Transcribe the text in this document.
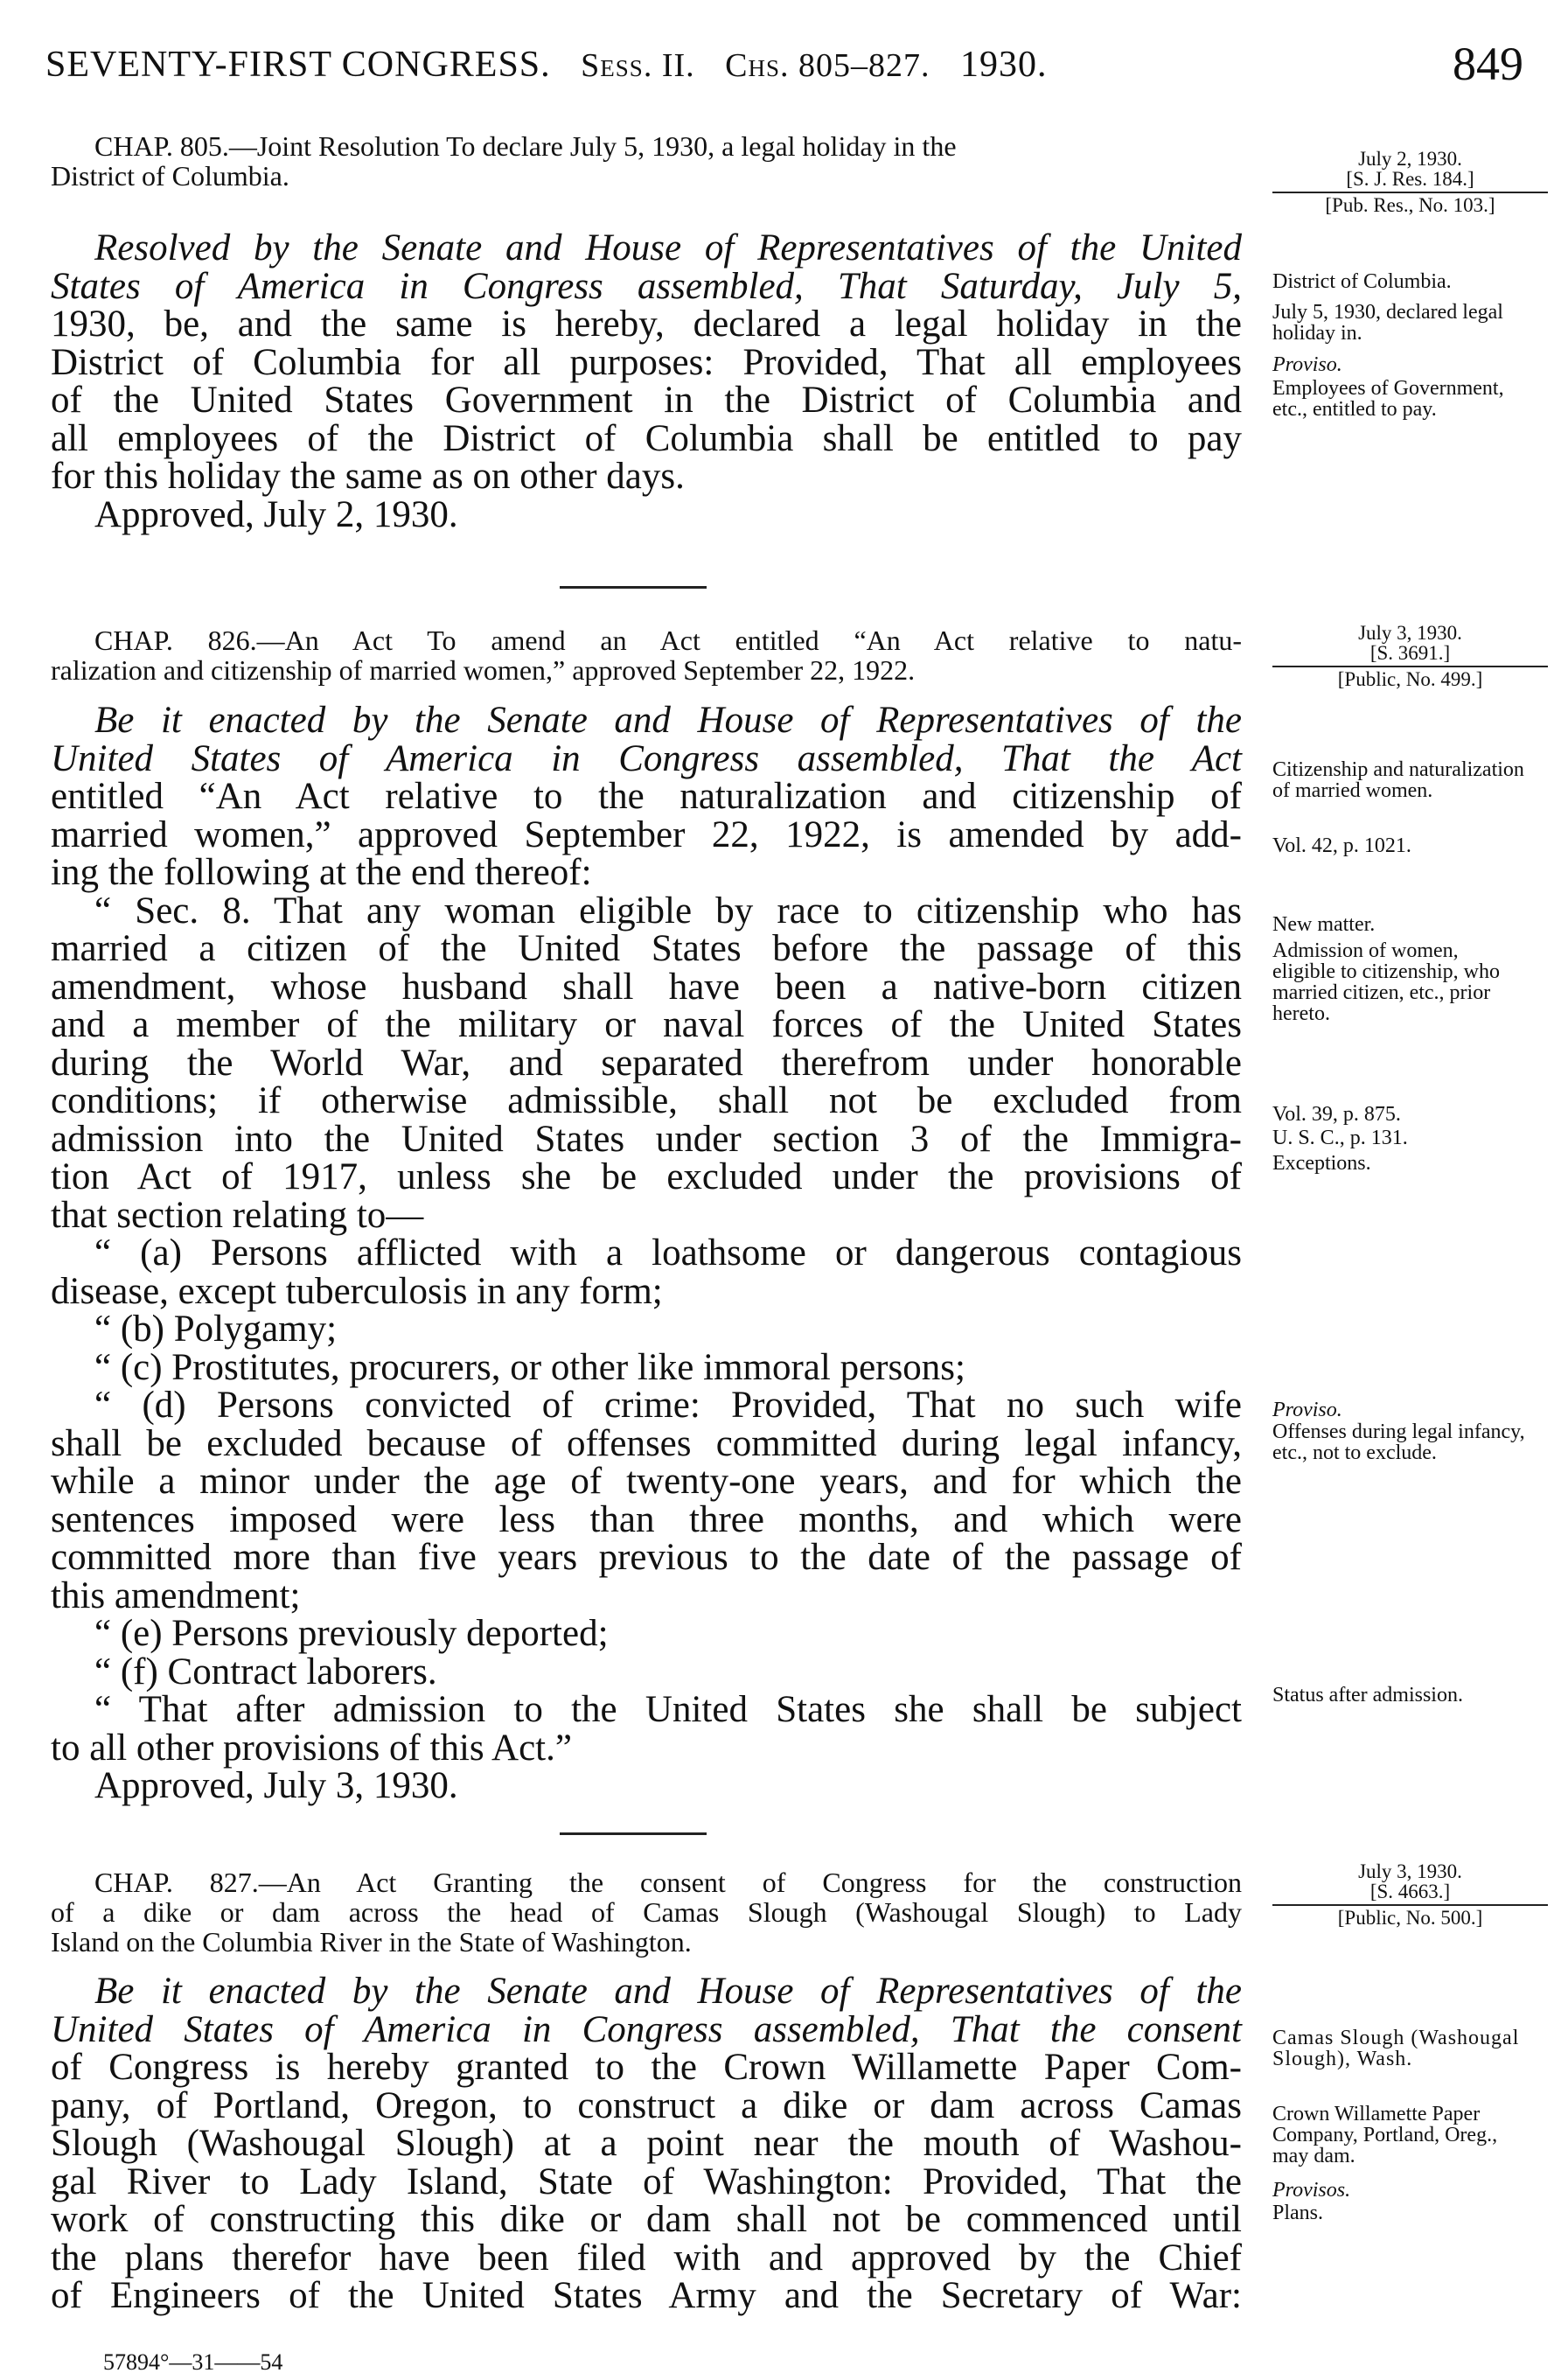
SEVENTY-FIRST CONGRESS. Sess. II. Chs. 805–827. 1930.	849

CHAP. 805.—Joint Resolution To declare July 5, 1930, a legal holiday in the
District of Columbia.

July 2, 1930.
[S. J. Res. 184.]
[Pub. Res., No. 103.]
Resolved by the Senate and House of Representatives of the United
States of America in Congress assembled, That Saturday, July 5,
1930, be, and the same is hereby, declared a legal holiday in the
District of Columbia for all purposes: Provided, That all employees
of the United States Government in the District of Columbia and
all employees of the District of Columbia shall be entitled to pay
for this holiday the same as on other days.

Approved, July 2, 1930.

District of Columbia.
July 5, 1930, declared legal holiday in.
Proviso.
Employees of Government, etc., entitled to pay.

CHAP. 826.—An Act To amend an Act entitled “An Act relative to natu-
ralization and citizenship of married women,” approved September 22, 1922.

July 3, 1930.
[S. 3691.]
[Public, No. 499.]
Be it enacted by the Senate and House of Representatives of the
United States of America in Congress assembled, That the Act
entitled “An Act relative to the naturalization and citizenship of
married women,” approved September 22, 1922, is amended by add-
ing the following at the end thereof:
“ Sec. 8. That any woman eligible by race to citizenship who has
married a citizen of the United States before the passage of this
amendment, whose husband shall have been a native-born citizen
and a member of the military or naval forces of the United States
during the World War, and separated therefrom under honorable
conditions; if otherwise admissible, shall not be excluded from
admission into the United States under section 3 of the Immigra-
tion Act of 1917, unless she be excluded under the provisions of
that section relating to—
“ (a) Persons afflicted with a loathsome or dangerous contagious
disease, except tuberculosis in any form;
“ (b) Polygamy;
“ (c) Prostitutes, procurers, or other like immoral persons;
“ (d) Persons convicted of crime: Provided, That no such wife
shall be excluded because of offenses committed during legal infancy,
while a minor under the age of twenty-one years, and for which the
sentences imposed were less than three months, and which were
committed more than five years previous to the date of the passage of
this amendment;
“ (e) Persons previously deported;
“ (f) Contract laborers.
“ That after admission to the United States she shall be subject
to all other provisions of this Act.”

Approved, July 3, 1930.

Citizenship and naturalization of married women.
Vol. 42, p. 1021.
New matter.
Admission of women, eligible to citizenship, who married citizen, etc., prior hereto.
Vol. 39, p. 875.
U. S. C., p. 131.
Exceptions.
Proviso.
Offenses during legal infancy, etc., not to exclude.
Status after admission.

CHAP. 827.—An Act Granting the consent of Congress for the construction
of a dike or dam across the head of Camas Slough (Washougal Slough) to Lady
Island on the Columbia River in the State of Washington.

July 3, 1930.
[S. 4663.]
[Public, No. 500.]
Be it enacted by the Senate and House of Representatives of the
United States of America in Congress assembled, That the consent
of Congress is hereby granted to the Crown Willamette Paper Com-
pany, of Portland, Oregon, to construct a dike or dam across Camas
Slough (Washougal Slough) at a point near the mouth of Washou-
gal River to Lady Island, State of Washington: Provided, That the
work of constructing this dike or dam shall not be commenced until
the plans therefor have been filed with and approved by the Chief
of Engineers of the United States Army and the Secretary of War:
Camas Slough (Washougal Slough), Wash.
Crown Willamette Paper Company, Portland, Oreg., may dam.
Provisos.
Plans.
57894°—31——54
